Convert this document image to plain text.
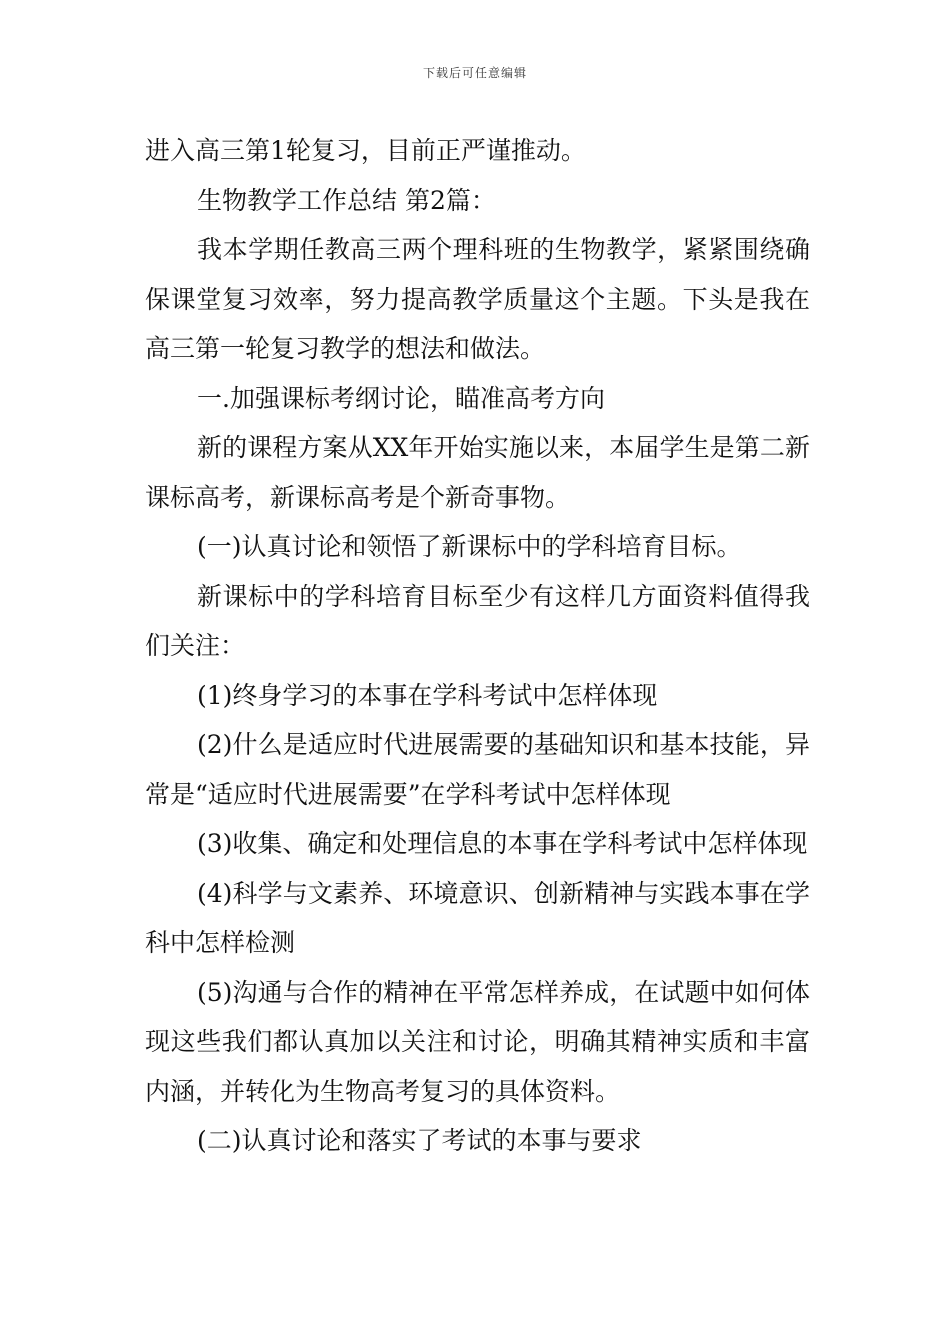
下载后可任意编辑

进入高三第1轮复习，目前正严谨推动。

生物教学工作总结 第2篇：

我本学期任教高三两个理科班的生物教学，紧紧围绕确保课堂复习效率，努力提高教学质量这个主题。下头是我在高三第一轮复习教学的想法和做法。

一.加强课标考纲讨论，瞄准高考方向

新的课程方案从XX年开始实施以来，本届学生是第二新课标高考，新课标高考是个新奇事物。

(一)认真讨论和领悟了新课标中的学科培育目标。

新课标中的学科培育目标至少有这样几方面资料值得我们关注：

(1)终身学习的本事在学科考试中怎样体现

(2)什么是适应时代进展需要的基础知识和基本技能，异常是“适应时代进展需要”在学科考试中怎样体现

(3)收集、确定和处理信息的本事在学科考试中怎样体现

(4)科学与文素养、环境意识、创新精神与实践本事在学科中怎样检测

(5)沟通与合作的精神在平常怎样养成，在试题中如何体现这些我们都认真加以关注和讨论，明确其精神实质和丰富内涵，并转化为生物高考复习的具体资料。

(二)认真讨论和落实了考试的本事与要求
